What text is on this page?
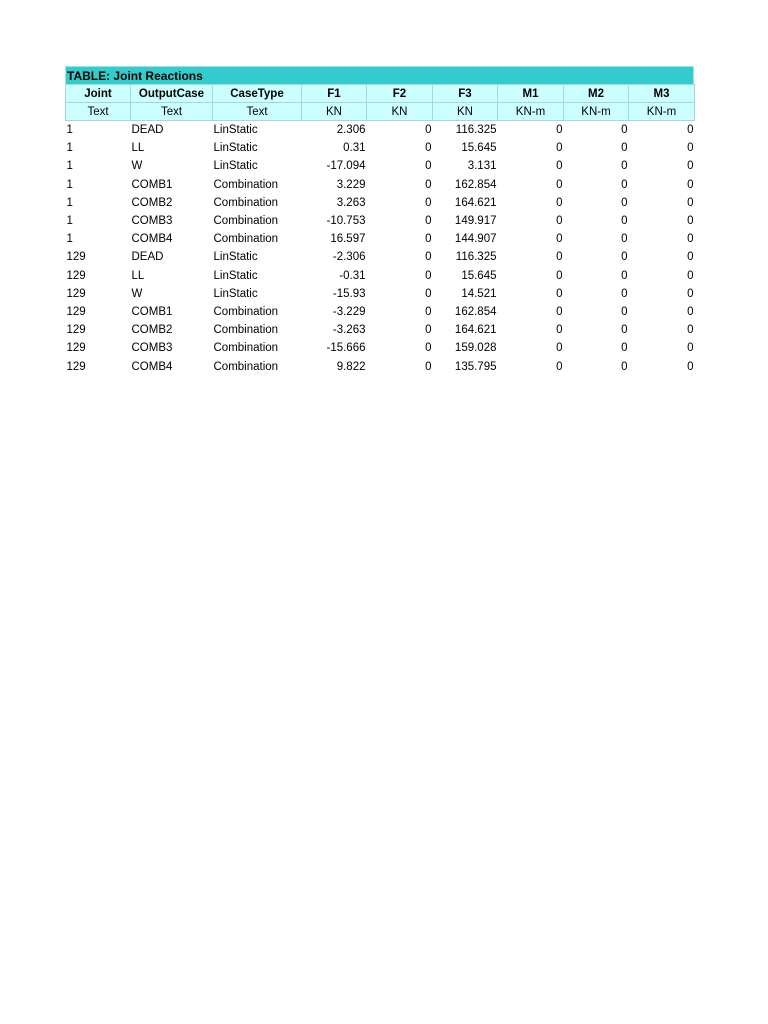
TABLE: Joint Reactions
Joint	OutputCase	CaseType	F1	F2	F3	M1	M2	M3
Text	Text	Text	KN	KN	KN	KN-m	KN-m	KN-m
1	DEAD	LinStatic	2.306	0	116.325	0	0	0
1	LL	LinStatic	0.31	0	15.645	0	0	0
1	W	LinStatic	-17.094	0	3.131	0	0	0
1	COMB1	Combination	3.229	0	162.854	0	0	0
1	COMB2	Combination	3.263	0	164.621	0	0	0
1	COMB3	Combination	-10.753	0	149.917	0	0	0
1	COMB4	Combination	16.597	0	144.907	0	0	0
129	DEAD	LinStatic	-2.306	0	116.325	0	0	0
129	LL	LinStatic	-0.31	0	15.645	0	0	0
129	W	LinStatic	-15.93	0	14.521	0	0	0
129	COMB1	Combination	-3.229	0	162.854	0	0	0
129	COMB2	Combination	-3.263	0	164.621	0	0	0
129	COMB3	Combination	-15.666	0	159.028	0	0	0
129	COMB4	Combination	9.822	0	135.795	0	0	0
